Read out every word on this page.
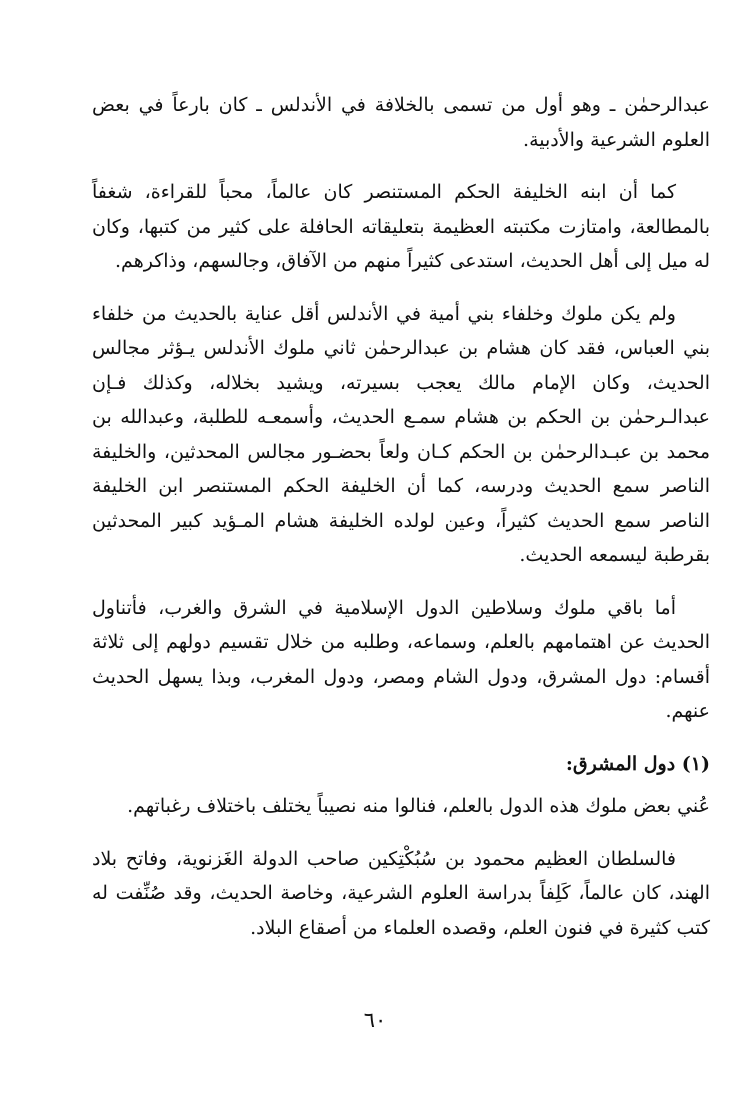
عبدالرحمٰن ـ وهو أول من تسمى بالخلافة في الأندلس ـ كان بارعاً في بعض العلوم الشرعية والأدبية.

كما أن ابنه الخليفة الحكم المستنصر كان عالماً، محباً للقراءة، شغفاً بالمطالعة، وامتازت مكتبته العظيمة بتعليقاته الحافلة على كثير من كتبها، وكان له ميل إلى أهل الحديث، استدعى كثيراً منهم من الآفاق، وجالسهم، وذاكرهم.

ولم يكن ملوك وخلفاء بني أمية في الأندلس أقل عناية بالحديث من خلفاء بني العباس، فقد كان هشام بن عبدالرحمٰن ثاني ملوك الأندلس يـؤثر مجالس الحديث، وكان الإمام مالك يعجب بسيرته، ويشيد بخلاله، وكذلك فـإن عبدالـرحمٰن بن الحكم بن هشام سمـع الحديث، وأسمعـه للطلبة، وعبدالله بن محمد بن عبـدالرحمٰن بن الحكم كـان ولعاً بحضـور مجالس المحدثين، والخليفة الناصر سمع الحديث ودرسه، كما أن الخليفة الحكم المستنصر ابن الخليفة الناصر سمع الحديث كثيراً، وعين لولده الخليفة هشام المـؤيد كبير المحدثين بقرطبة ليسمعه الحديث.

أما باقي ملوك وسلاطين الدول الإسلامية في الشرق والغرب، فأتناول الحديث عن اهتمامهم بالعلم، وسماعه، وطلبه من خلال تقسيم دولهم إلى ثلاثة أقسام: دول المشرق، ودول الشام ومصر، ودول المغرب، وبذا يسهل الحديث عنهم.

(١) دول المشرق:

عُني بعض ملوك هذه الدول بالعلم، فنالوا منه نصيباً يختلف باختلاف رغباتهم.

فالسلطان العظيم محمود بن سُبُكْتِكين صاحب الدولة الغَزنوية، وفاتح بلاد الهند، كان عالماً، كَلِفاً بدراسة العلوم الشرعية، وخاصة الحديث، وقد صُنِّفت له كتب كثيرة في فنون العلم، وقصده العلماء من أصقاع البلاد.

٦٠
